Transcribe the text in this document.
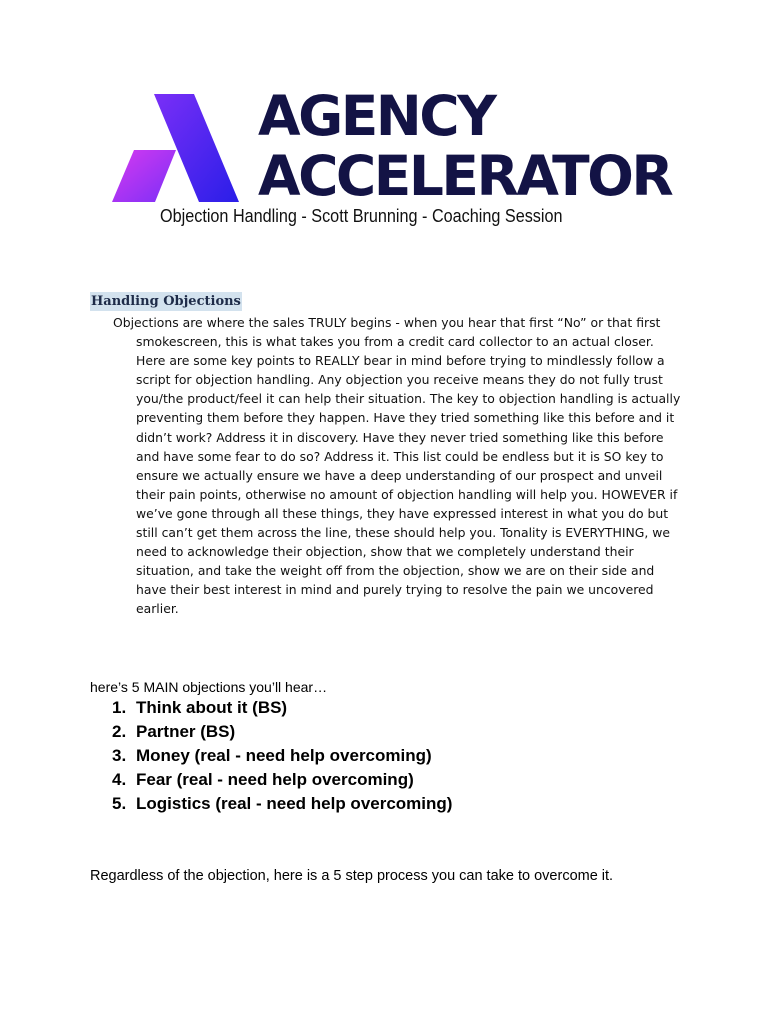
AGENCY
ACCELERATOR
Objection Handling - Scott Brunning - Coaching Session
Handling Objections
Objections are where the sales TRULY begins - when you hear that first “No” or that first smokescreen, this is what takes you from a credit card collector to an actual closer. Here are some key points to REALLY bear in mind before trying to mindlessly follow a script for objection handling. Any objection you receive means they do not fully trust you/the product/feel it can help their situation. The key to objection handling is actually preventing them before they happen. Have they tried something like this before and it didn’t work? Address it in discovery. Have they never tried something like this before and have some fear to do so? Address it. This list could be endless but it is SO key to ensure we actually ensure we have a deep understanding of our prospect and unveil their pain points, otherwise no amount of objection handling will help you. HOWEVER if we’ve gone through all these things, they have expressed interest in what you do but still can’t get them across the line, these should help you. Tonality is EVERYTHING, we need to acknowledge their objection, show that we completely understand their situation, and take the weight off from the objection, show we are on their side and have their best interest in mind and purely trying to resolve the pain we uncovered earlier.
here’s 5 MAIN objections you’ll hear…
1. Think about it (BS)
2. Partner (BS)
3. Money (real - need help overcoming)
4. Fear (real - need help overcoming)
5. Logistics (real - need help overcoming)
Regardless of the objection, here is a 5 step process you can take to overcome it.
